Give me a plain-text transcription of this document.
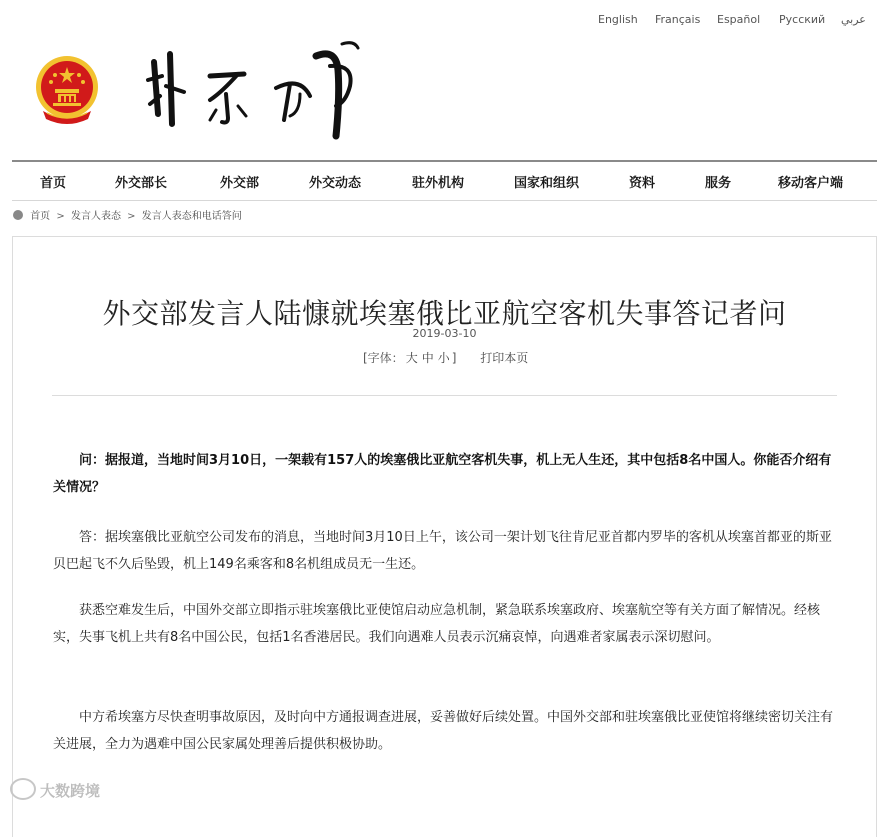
English Français Español Русский عربي
首页	外交部长	外交部	外交动态	驻外机构	国家和组织	资料	服务	移动客户端
首页 > 发言人表态 > 发言人表态和电话答问
外交部发言人陆慷就埃塞俄比亚航空客机失事答记者问
2019-03-10
[字体： 大 中 小 ] 打印本页

问：据报道，当地时间3月10日，一架载有157人的埃塞俄比亚航空客机失事，机上无人生还，其中包括8名中国人。你能否介绍有关情况？

答：据埃塞俄比亚航空公司发布的消息，当地时间3月10日上午，该公司一架计划飞往肯尼亚首都内罗毕的客机从埃塞首都亚的斯亚贝巴起飞不久后坠毁，机上149名乘客和8名机组成员无一生还。

获悉空难发生后，中国外交部立即指示驻埃塞俄比亚使馆启动应急机制，紧急联系埃塞政府、埃塞航空等有关方面了解情况。经核实，失事飞机上共有8名中国公民，包括1名香港居民。我们向遇难人员表示沉痛哀悼，向遇难者家属表示深切慰问。

中方希埃塞方尽快查明事故原因，及时向中方通报调查进展，妥善做好后续处置。中国外交部和驻埃塞俄比亚使馆将继续密切关注有关进展，全力为遇难中国公民家属处理善后提供积极协助。

大数跨境
